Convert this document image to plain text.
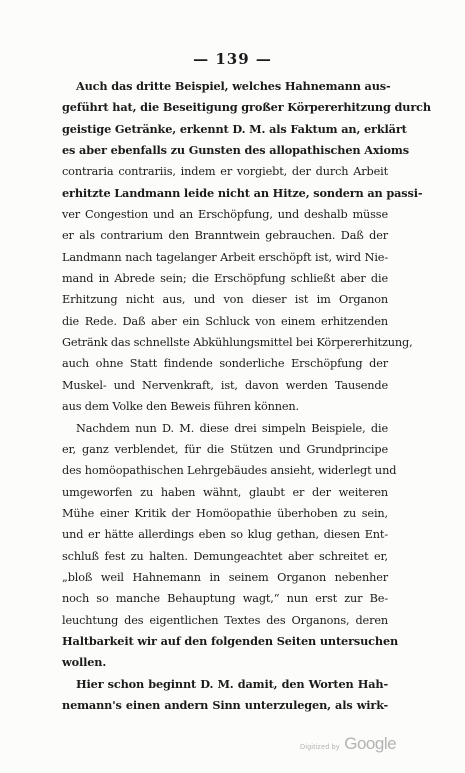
— 139 —
Auch das dritte Beispiel, welches Hahnemann aus-
geführt hat, die Beseitigung großer Körpererhitzung durch
geistige Getränke, erkennt D. M. als Faktum an, erklärt
es aber ebenfalls zu Gunsten des allopathischen Axioms
contraria contrariis, indem er vorgiebt, der durch Arbeit
erhitzte Landmann leide nicht an Hitze, sondern an passi-
ver Congestion und an Erschöpfung, und deshalb müsse
er als contrarium den Branntwein gebrauchen. Daß der
Landmann nach tagelanger Arbeit erschöpft ist, wird Nie-
mand in Abrede sein; die Erschöpfung schließt aber die
Erhitzung nicht aus, und von dieser ist im Organon
die Rede. Daß aber ein Schluck von einem erhitzenden
Getränk das schnellste Abkühlungsmittel bei Körpererhitzung,
auch ohne Statt findende sonderliche Erschöpfung der
Muskel- und Nervenkraft, ist, davon werden Tausende
aus dem Volke den Beweis führen können.
Nachdem nun D. M. diese drei simpeln Beispiele, die
er, ganz verblendet, für die Stützen und Grundprincipe
des homöopathischen Lehrgebäudes ansieht, widerlegt und
umgeworfen zu haben wähnt, glaubt er der weiteren
Mühe einer Kritik der Homöopathie überhoben zu sein,
und er hätte allerdings eben so klug gethan, diesen Ent-
schluß fest zu halten. Demungeachtet aber schreitet er,
„bloß weil Hahnemann in seinem Organon nebenher
noch so manche Behauptung wagt,“ nun erst zur Be-
leuchtung des eigentlichen Textes des Organons, deren
Haltbarkeit wir auf den folgenden Seiten untersuchen
wollen.
Hier schon beginnt D. M. damit, den Worten Hah-
nemann's einen andern Sinn unterzulegen, als wirk-
Digitized by Google
